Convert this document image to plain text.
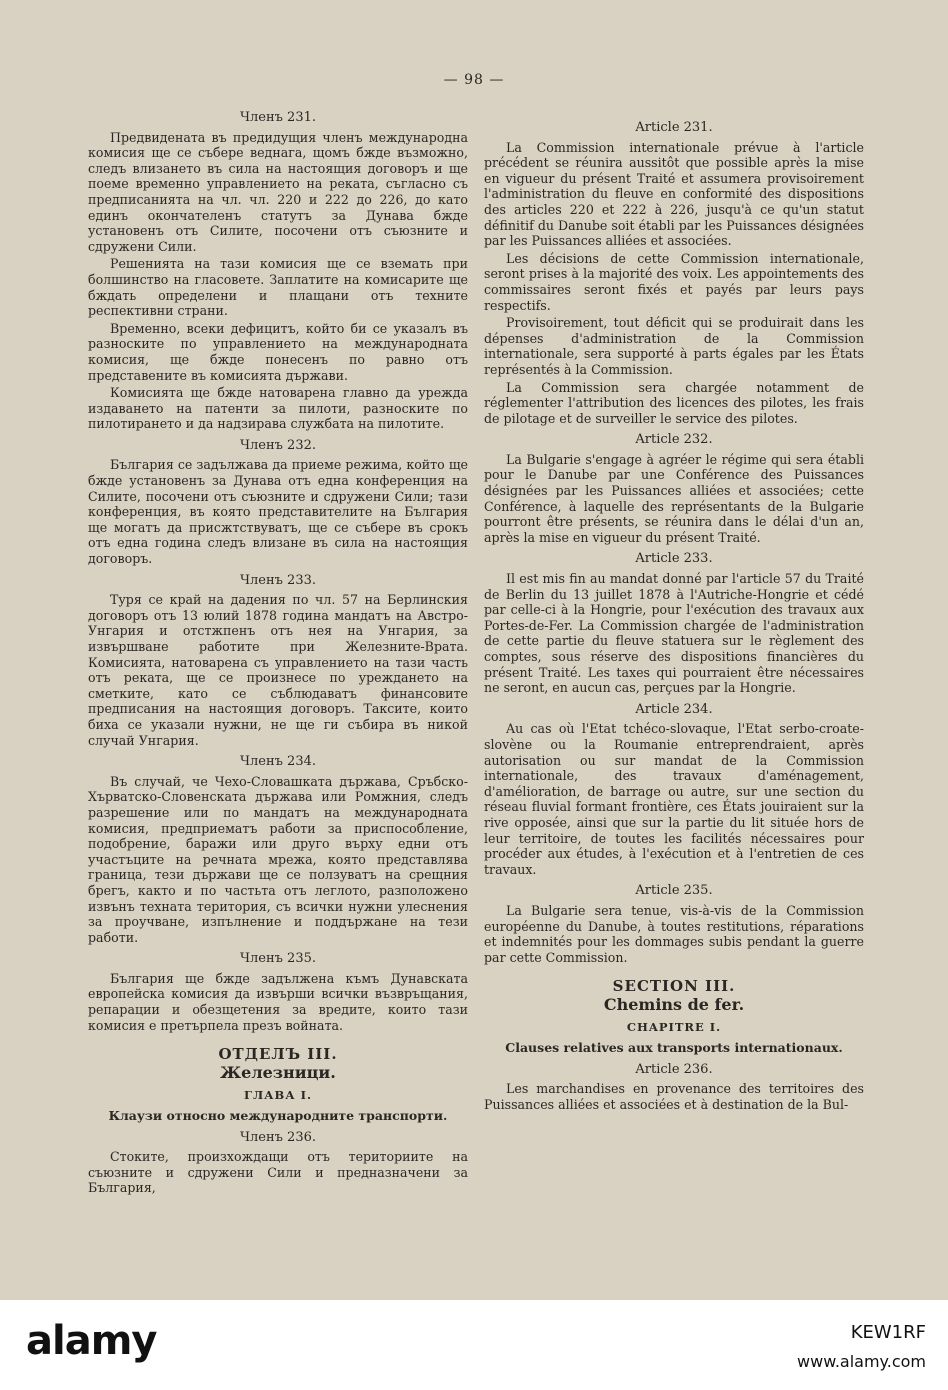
— 98 —
Членъ 231.

Предвидената въ предидущия членъ международна комисия ще се събере веднага, щомъ бжде възможно, следъ влизането въ сила на настоящия договоръ и ще поеме временно управлението на реката, съгласно съ предписанията на чл. чл. 220 и 222 до 226, до като единъ окончателенъ статутъ за Дунава бжде установенъ отъ Силите, посочени отъ съюзните и сдружени Сили.

Решенията на тази комисия ще се вземать при болшинство на гласовете. Заплатите на комисарите ще бждать определени и плащани отъ техните респективни страни.

Временно, всеки дефицитъ, който би се указалъ въ разноските по управлението на международната комисия, ще бжде понесенъ по равно отъ представените въ комисията държави.

Комисията ще бжде натоварена главно да урежда издаването на патенти за пилоти, разноските по пилотирането и да надзирава службата на пилотите.

Членъ 232.

България се задължава да приеме режима, който ще бжде установенъ за Дунава отъ една конференция на Силите, посочени отъ съюзните и сдружени Сили; тази конференция, въ която представителите на България ще могатъ да присжтствуватъ, ще се събере въ срокъ отъ една година следъ влизане въ сила на настоящия договоръ.

Членъ 233.

Туря се край на дадения по чл. 57 на Берлинския договоръ отъ 13 юлий 1878 година мандатъ на Австро-Унгария и отстжпенъ отъ нея на Унгария, за извършване работите при Железните-Врата. Комисията, натоварена съ управлението на тази часть отъ реката, ще се произнесе по уреждането на сметките, като се съблюдаватъ финансовите предписания на настоящия договоръ. Таксите, които биха се указали нужни, не ще ги събира въ никой случай Унгария.

Членъ 234.

Въ случай, че Чехо-Словашката държава, Сръбско-Хърватско-Словенската държава или Ромжния, следъ разрешение или по мандатъ на международната комисия, предприематъ работи за приспособление, подобрение, баражи или друго върху едни отъ участъците на речната мрежа, която представлява граница, тези държави ще се ползуватъ на срещния брегъ, както и по частьта отъ леглото, разположено извънъ техната територия, съ всички нужни улеснения за проучване, изпълнение и поддържане на тези работи.

Членъ 235.

България ще бжде задължена къмъ Дунавската европейска комисия да извърши всички възвръщания, репарации и обезщетения за вредите, които тази комисия е претърпела презъ войната.

ОТДЕЛЪ III.
Железници.
ГЛАВА I.
Клаузи относно международните транспорти.
Членъ 236.

Стоките, произхождащи отъ териториите на съюзните и сдружени Сили и предназначени за България,

Article 231.

La Commission internationale prévue à l'article précédent se réunira aussitôt que possible après la mise en vigueur du présent Traité et assumera provisoirement l'administration du fleuve en conformité des dispositions des articles 220 et 222 à 226, jusqu'à ce qu'un statut définitif du Danube soit établi par les Puissances désignées par les Puissances alliées et associées.

Les décisions de cette Commission internationale, seront prises à la majorité des voix. Les appointements des commissaires seront fixés et payés par leurs pays respectifs.

Provisoirement, tout déficit qui se produirait dans les dépenses d'administration de la Commission internationale, sera supporté à parts égales par les États représentés à la Commission.

La Commission sera chargée notamment de réglementer l'attribution des licences des pilotes, les frais de pilotage et de surveiller le service des pilotes.

Article 232.

La Bulgarie s'engage à agréer le régime qui sera établi pour le Danube par une Conférence des Puissances désignées par les Puissances alliées et associées; cette Conférence, à laquelle des représentants de la Bulgarie pourront être présents, se réunira dans le délai d'un an, après la mise en vigueur du présent Traité.

Article 233.

Il est mis fin au mandat donné par l'article 57 du Traité de Berlin du 13 juillet 1878 à l'Autriche-Hongrie et cédé par celle-ci à la Hongrie, pour l'exécution des travaux aux Portes-de-Fer. La Commission chargée de l'administration de cette partie du fleuve statuera sur le règlement des comptes, sous réserve des dispositions financières du présent Traité. Les taxes qui pourraient être nécessaires ne seront, en aucun cas, perçues par la Hongrie.

Article 234.

Au cas où l'Etat tchéco-slovaque, l'Etat serbo-croate-slovène ou la Roumanie entreprendraient, après autorisation ou sur mandat de la Commission internationale, des travaux d'aménagement, d'amélioration, de barrage ou autre, sur une section du réseau fluvial formant frontière, ces États jouiraient sur la rive opposée, ainsi que sur la partie du lit située hors de leur territoire, de toutes les facilités nécessaires pour procéder aux études, à l'exécution et à l'entretien de ces travaux.

Article 235.

La Bulgarie sera tenue, vis-à-vis de la Commission européenne du Danube, à toutes restitutions, réparations et indemnités pour les dommages subis pendant la guerre par cette Commission.

SECTION III.
Chemins de fer.
CHAPITRE I.
Clauses relatives aux transports internationaux.
Article 236.

Les marchandises en provenance des territoires des Puissances alliées et associées et à destination de la Bul-

alamy	KEW1RF
www.alamy.com
